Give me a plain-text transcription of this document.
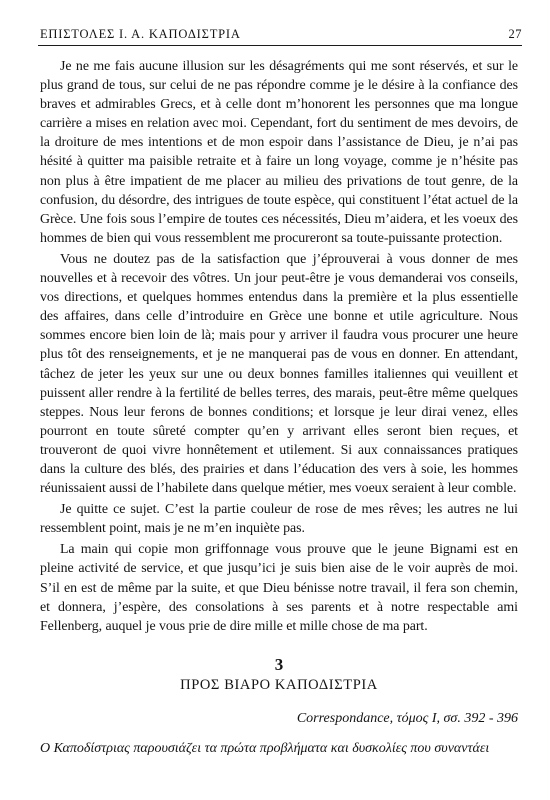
ΕΠΙΣΤΟΛΕΣ Ι. Α. ΚΑΠΟΔΙΣΤΡΙΑ	27

Je ne me fais aucune illusion sur les désagréments qui me sont réservés, et sur le plus grand de tous, sur celui de ne pas répondre comme je le désire à la confiance des braves et admirables Grecs, et à celle dont m’honorent les personnes que ma longue carrière a mises en relation avec moi. Cependant, fort du sentiment de mes devoirs, de la droiture de mes intentions et de mon espoir dans l’assistance de Dieu, je n’ai pas hésité à quitter ma paisible retraite et à faire un long voyage, comme je n’hésite pas non plus à être impatient de me placer au milieu des privations de tout genre, de la confusion, du désordre, des intrigues de toute espèce, qui constituent l’état actuel de la Grèce. Une fois sous l’empire de toutes ces nécessités, Dieu m’aidera, et les voeux des hommes de bien qui vous ressemblent me procureront sa toute-puissante protection.

Vous ne doutez pas de la satisfaction que j’éprouverai à vous donner de mes nouvelles et à recevoir des vôtres. Un jour peut-être je vous demanderai vos conseils, vos directions, et quelques hommes entendus dans la première et la plus essentielle des affaires, dans celle d’introduire en Grèce une bonne et utile agriculture. Nous sommes encore bien loin de là; mais pour y arriver il faudra vous procurer une heure plus tôt des renseignements, et je ne manquerai pas de vous en donner. En attendant, tâchez de jeter les yeux sur une ou deux bonnes familles italiennes qui veuillent et puissent aller rendre à la fertilité de belles terres, des marais, peut-être même quelques steppes. Nous leur ferons de bonnes conditions; et lorsque je leur dirai venez, elles pourront en toute sûreté compter qu’en y arrivant elles seront bien reçues, et trouveront de quoi vivre honnêtement et utilement. Si aux connaissances pratiques dans la culture des blés, des prairies et dans l’éducation des vers à soie, les hommes réunissaient aussi de l’habilete dans quelque métier, mes voeux seraient à leur comble.

Je quitte ce sujet. C’est la partie couleur de rose de mes rêves; les autres ne lui ressemblent point, mais je ne m’en inquiète pas.

La main qui copie mon griffonnage vous prouve que le jeune Bignami est en pleine activité de service, et que jusqu’ici je suis bien aise de le voir auprès de moi. S’il en est de même par la suite, et que Dieu bénisse notre travail, il fera son chemin, et donnera, j’espère, des consolations à ses parents et à notre respectable ami Fellenberg, auquel je vous prie de dire mille et mille chose de ma part.

3
ΠΡΟΣ ΒΙΑΡΟ ΚΑΠΟΔΙΣΤΡΙΑ
Correspondance, τόμος Ι, σσ. 392 - 396
Ο Καποδίστριας παρουσιάζει τα πρώτα προβλήματα και δυσκολίες που συναντάει
